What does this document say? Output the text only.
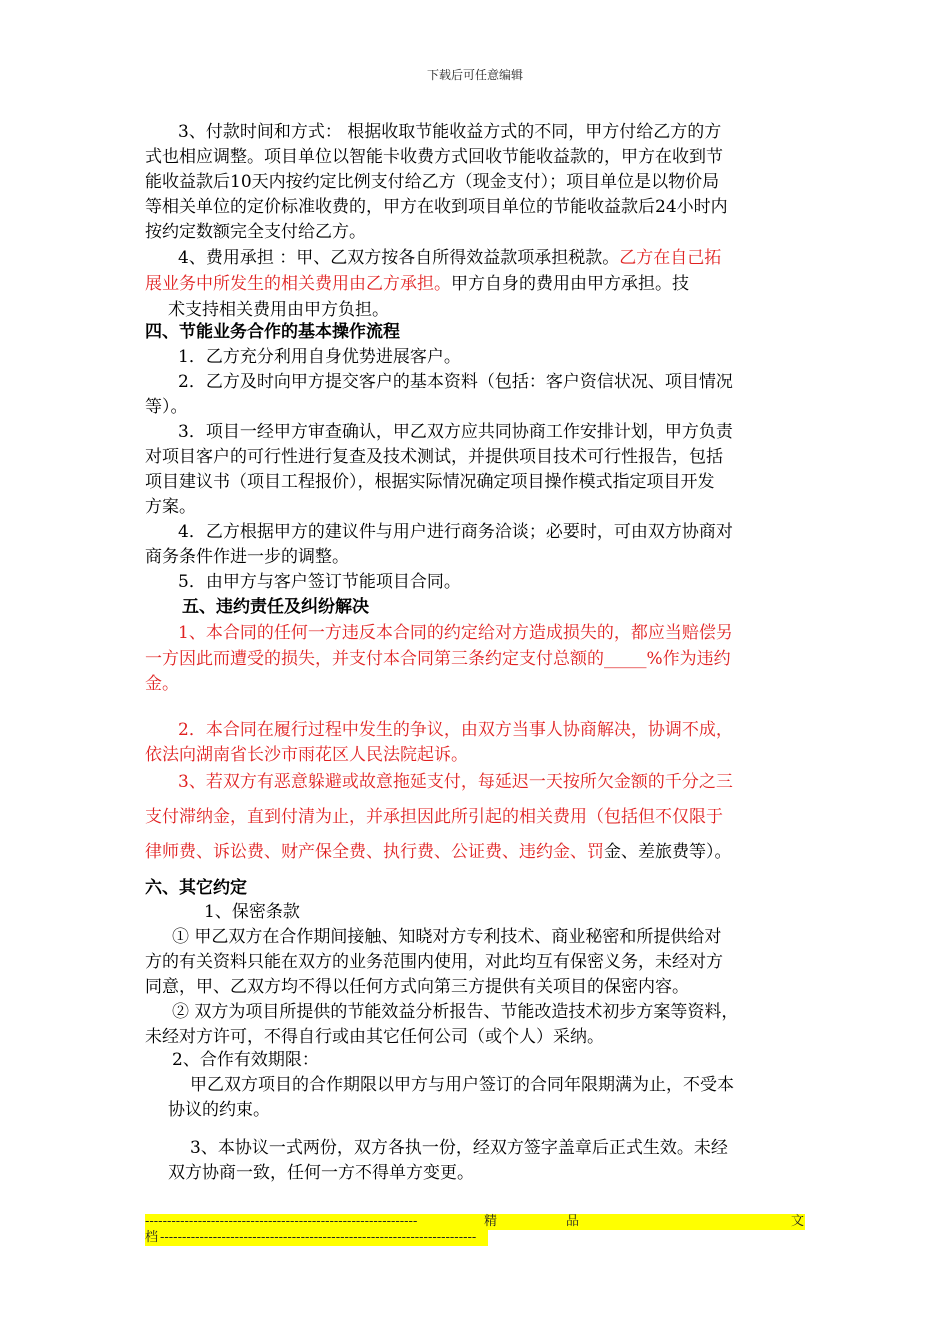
下载后可任意编辑
3、付款时间和方式： 根据收取节能收益方式的不同，甲方付给乙方的方
式也相应调整。项目单位以智能卡收费方式回收节能收益款的，甲方在收到节
能收益款后10天内按约定比例支付给乙方（现金支付）；项目单位是以物价局
等相关单位的定价标准收费的，甲方在收到项目单位的节能收益款后24小时内
按约定数额完全支付给乙方。
4、费用承担 ：甲、乙双方按各自所得效益款项承担税款。乙方在自己拓
展业务中所发生的相关费用由乙方承担。甲方自身的费用由甲方承担。技
术支持相关费用由甲方负担。
四、节能业务合作的基本操作流程
1．乙方充分利用自身优势进展客户。
2．乙方及时向甲方提交客户的基本资料（包括：客户资信状况、项目情况
等）。
3．项目一经甲方审查确认，甲乙双方应共同协商工作安排计划，甲方负责
对项目客户的可行性进行复查及技术测试，并提供项目技术可行性报告，包括
项目建议书（项目工程报价），根据实际情况确定项目操作模式指定项目开发
方案。
4．乙方根据甲方的建议件与用户进行商务洽谈；必要时，可由双方协商对
商务条件作进一步的调整。
5．由甲方与客户签订节能项目合同。
五、违约责任及纠纷解决
1、本合同的任何一方违反本合同的约定给对方造成损失的，都应当赔偿另
一方因此而遭受的损失，并支付本合同第三条约定支付总额的_____%作为违约
金。
2．本合同在履行过程中发生的争议，由双方当事人协商解决，协调不成，
依法向湖南省长沙市雨花区人民法院起诉。
3、若双方有恶意躲避或故意拖延支付，每延迟一天按所欠金额的千分之三
支付滞纳金，直到付清为止，并承担因此所引起的相关费用（包括但不仅限于
律师费、诉讼费、财产保全费、执行费、公证费、违约金、罚金、差旅费等）。
六、其它约定
1、保密条款
① 甲乙双方在合作期间接触、知晓对方专利技术、商业秘密和所提供给对
方的有关资料只能在双方的业务范围内使用，对此均互有保密义务，未经对方
同意，甲、乙双方均不得以任何方式向第三方提供有关项目的保密内容。
② 双方为项目所提供的节能效益分析报告、节能改造技术初步方案等资料，
未经对方许可，不得自行或由其它任何公司（或个人）采纳。
2、合作有效期限：
甲乙双方项目的合作期限以甲方与用户签订的合同年限期满为止，不受本
协议的约束。
3、本协议一式两份，双方各执一份，经双方签字盖章后正式生效。未经
双方协商一致，任何一方不得单方变更。
--------------------------------------------------------------	精	品	文
档 ------------------------------------------------------------------------
